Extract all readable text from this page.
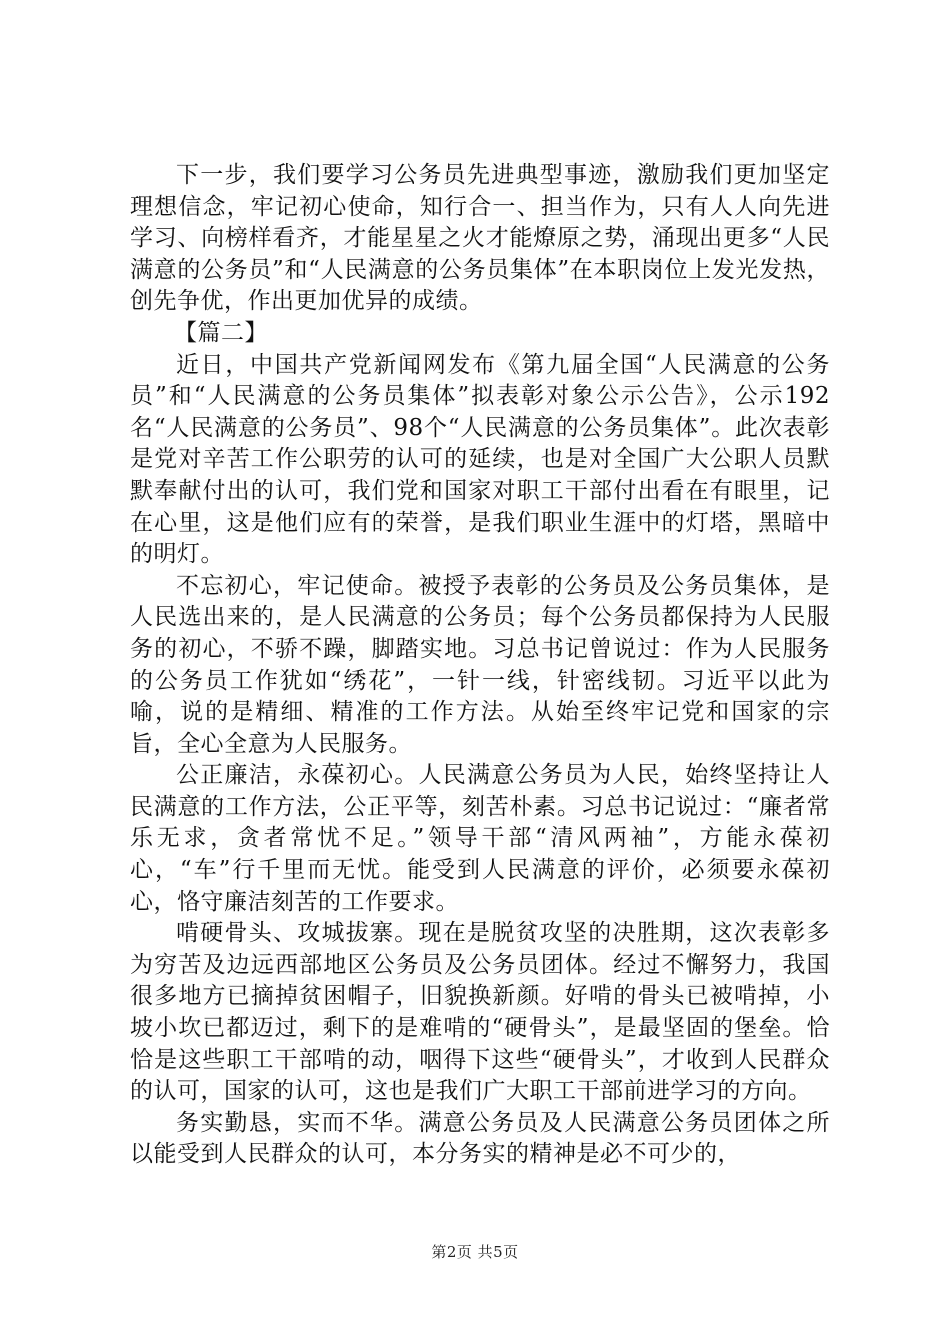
下一步，我们要学习公务员先进典型事迹，激励我们更加坚定理想信念，牢记初心使命，知行合一、担当作为，只有人人向先进学习、向榜样看齐，才能星星之火才能燎原之势，涌现出更多“人民满意的公务员”和“人民满意的公务员集体”在本职岗位上发光发热，创先争优，作出更加优异的成绩。

【篇二】

近日，中国共产党新闻网发布《第九届全国“人民满意的公务员”和“人民满意的公务员集体”拟表彰对象公示公告》，公示192名“人民满意的公务员”、98个“人民满意的公务员集体”。此次表彰是党对辛苦工作公职劳的认可的延续，也是对全国广大公职人员默默奉献付出的认可，我们党和国家对职工干部付出看在有眼里，记在心里，这是他们应有的荣誉，是我们职业生涯中的灯塔，黑暗中的明灯。

不忘初心，牢记使命。被授予表彰的公务员及公务员集体，是人民选出来的，是人民满意的公务员；每个公务员都保持为人民服务的初心，不骄不躁，脚踏实地。习总书记曾说过：作为人民服务的公务员工作犹如“绣花”，一针一线，针密线韧。习近平以此为喻，说的是精细、精准的工作方法。从始至终牢记党和国家的宗旨，全心全意为人民服务。

公正廉洁，永葆初心。人民满意公务员为人民，始终坚持让人民满意的工作方法，公正平等，刻苦朴素。习总书记说过：“廉者常乐无求，贪者常忧不足。”领导干部“清风两袖”，方能永葆初心，“车”行千里而无忧。能受到人民满意的评价，必须要永葆初心，恪守廉洁刻苦的工作要求。

啃硬骨头、攻城拔寨。现在是脱贫攻坚的决胜期，这次表彰多为穷苦及边远西部地区公务员及公务员团体。经过不懈努力，我国很多地方已摘掉贫困帽子，旧貌换新颜。好啃的骨头已被啃掉，小坡小坎已都迈过，剩下的是难啃的“硬骨头”，是最坚固的堡垒。恰恰是这些职工干部啃的动，咽得下这些“硬骨头”，才收到人民群众的认可，国家的认可，这也是我们广大职工干部前进学习的方向。

务实勤恳，实而不华。满意公务员及人民满意公务员团体之所以能受到人民群众的认可，本分务实的精神是必不可少的，

第2页 共5页
